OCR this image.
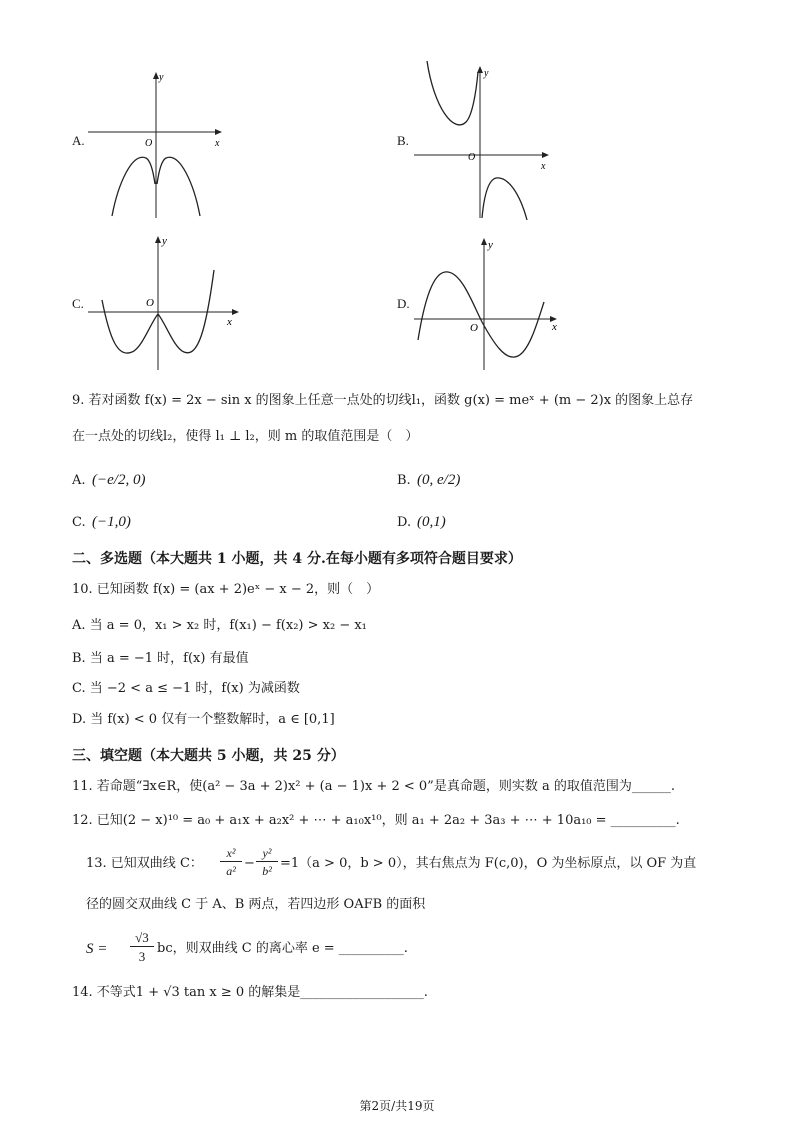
A.	B.
C.	D.
y
x
O
y
x
O
y
x
O
y
x
O
9. 若对函数 f(x) = 2x − sin x 的图象上任意一点处的切线l₁，函数 g(x) = meˣ + (m − 2)x 的图象上总存
在一点处的切线l₂，使得 l₁ ⊥ l₂，则 m 的取值范围是（　）
A. (−e/2, 0)	B. (0, e/2)
C. (−1,0)	D. (0,1)
二、多选题（本大题共 1 小题，共 4 分.在每小题有多项符合题目要求）
10. 已知函数 f(x) = (ax + 2)eˣ − x − 2，则（　）
A. 当 a = 0，x₁ > x₂ 时，f(x₁) − f(x₂) > x₂ − x₁
B. 当 a = −1 时，f(x) 有最值
C. 当 −2 < a ≤ −1 时，f(x) 为减函数
D. 当 f(x) < 0 仅有一个整数解时，a ∈ [0,1]
三、填空题（本大题共 5 小题，共 25 分）
11. 若命题“∃x∈R，使(a² − 3a + 2)x² + (a − 1)x + 2 < 0”是真命题，则实数 a 的取值范围为______.
12. 已知(2 − x)¹⁰ = a₀ + a₁x + a₂x² + ⋯ + a₁₀x¹⁰，则 a₁ + 2a₂ + 3a₃ + ⋯ + 10a₁₀ = __________.
13. 已知双曲线 C：
x²
a² −
y²
b² =1（a > 0，b > 0），其右焦点为 F(c,0)，O 为坐标原点，以 OF 为直
径的圆交双曲线 C 于 A、B 两点，若四边形 OAFB 的面积
S =
√3
3
bc，则双曲线 C 的离心率 e = __________.
14. 不等式1 + √3 tan x ≥ 0 的解集是___________________.
第2页/共19页
